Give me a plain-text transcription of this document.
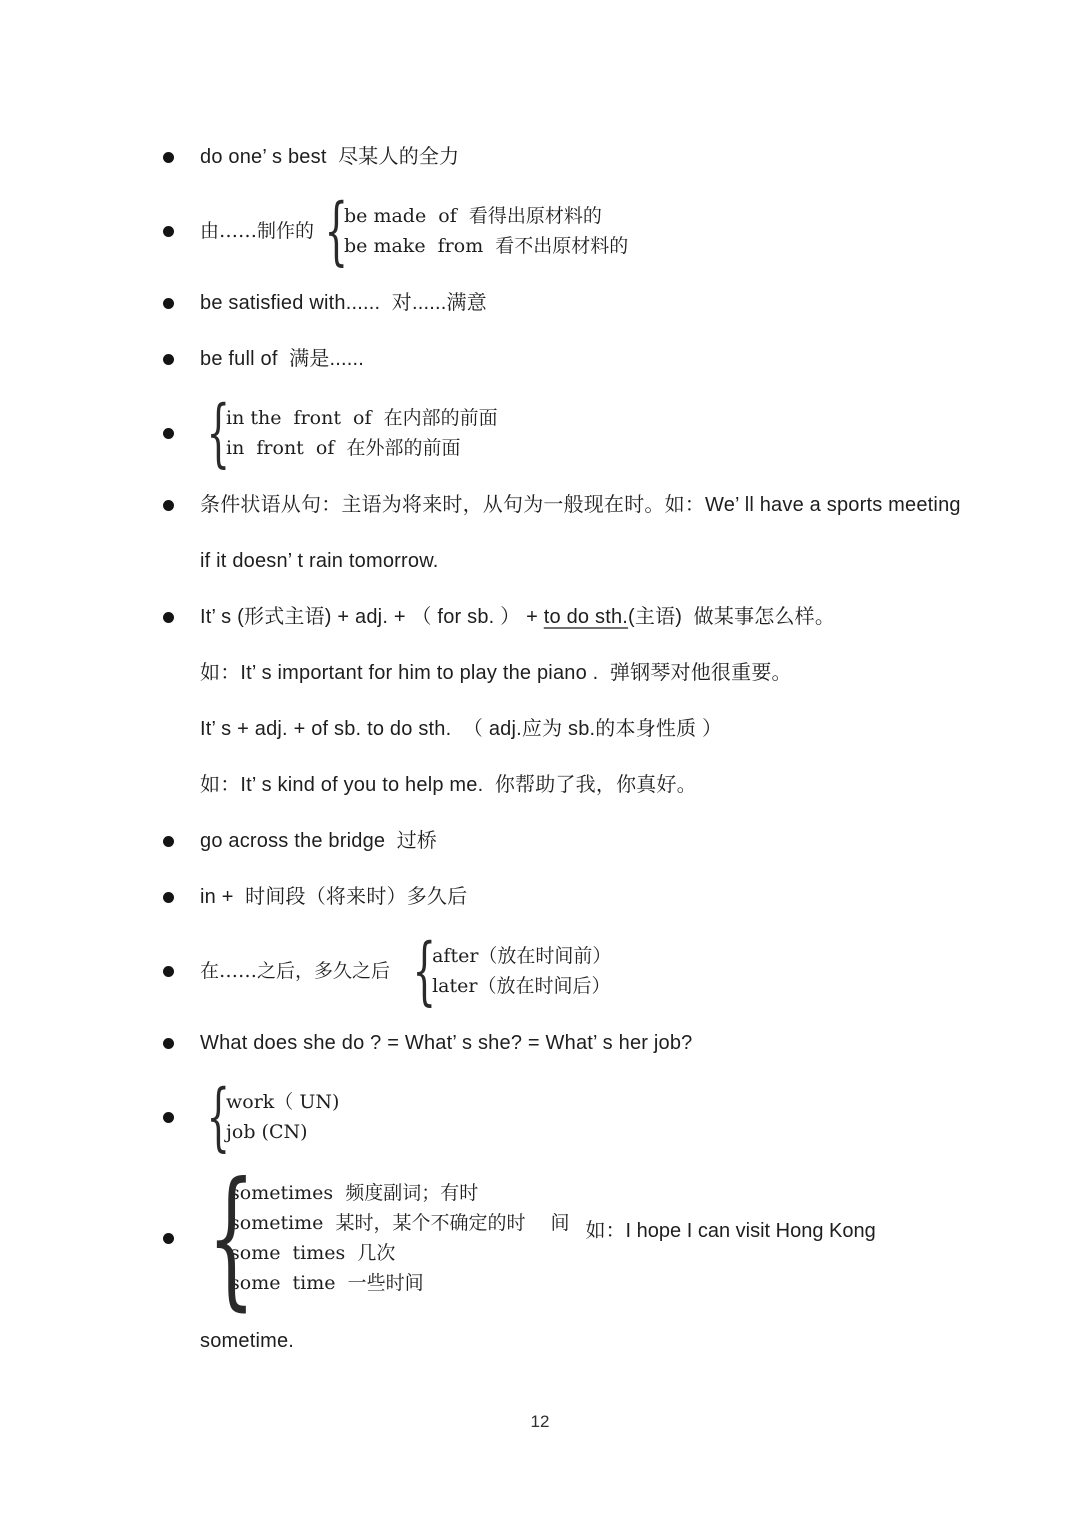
do one’ s best  尽某人的全力
由……制作的 {
be made  of  看得出原材料的
be make  from  看不出原材料的
be satisfied with......  对......满意
be full of  满是......
{
in the  front  of  在内部的前面
in  front  of  在外部的前面
条件状语从句：主语为将来时，从句为一般现在时。如：We’ ll have a sports meeting
if it doesn’ t rain tomorrow.
It’ s (形式主语) + adj. + （ for sb. ） + to do sth.(主语)  做某事怎么样。
如：It’ s important for him to play the piano .  弹钢琴对他很重要。
It’ s + adj. + of sb. to do sth.  （ adj.应为 sb.的本身性质 ）
如：It’ s kind of you to help me.  你帮助了我，你真好。
go across the bridge  过桥
in +  时间段（将来时）多久后
在……之后，多久之后 {
after（放在时间前）
later（放在时间后）
What does she do ? = What’ s she? = What’ s her job?
{
work（ UN)
job (CN)
{
sometimes  频度副词；有时
sometime  某时，某个不确定的时　 间
some  times  几次
some  time  一些时间
如：I hope I can visit Hong Kong
sometime.
12
